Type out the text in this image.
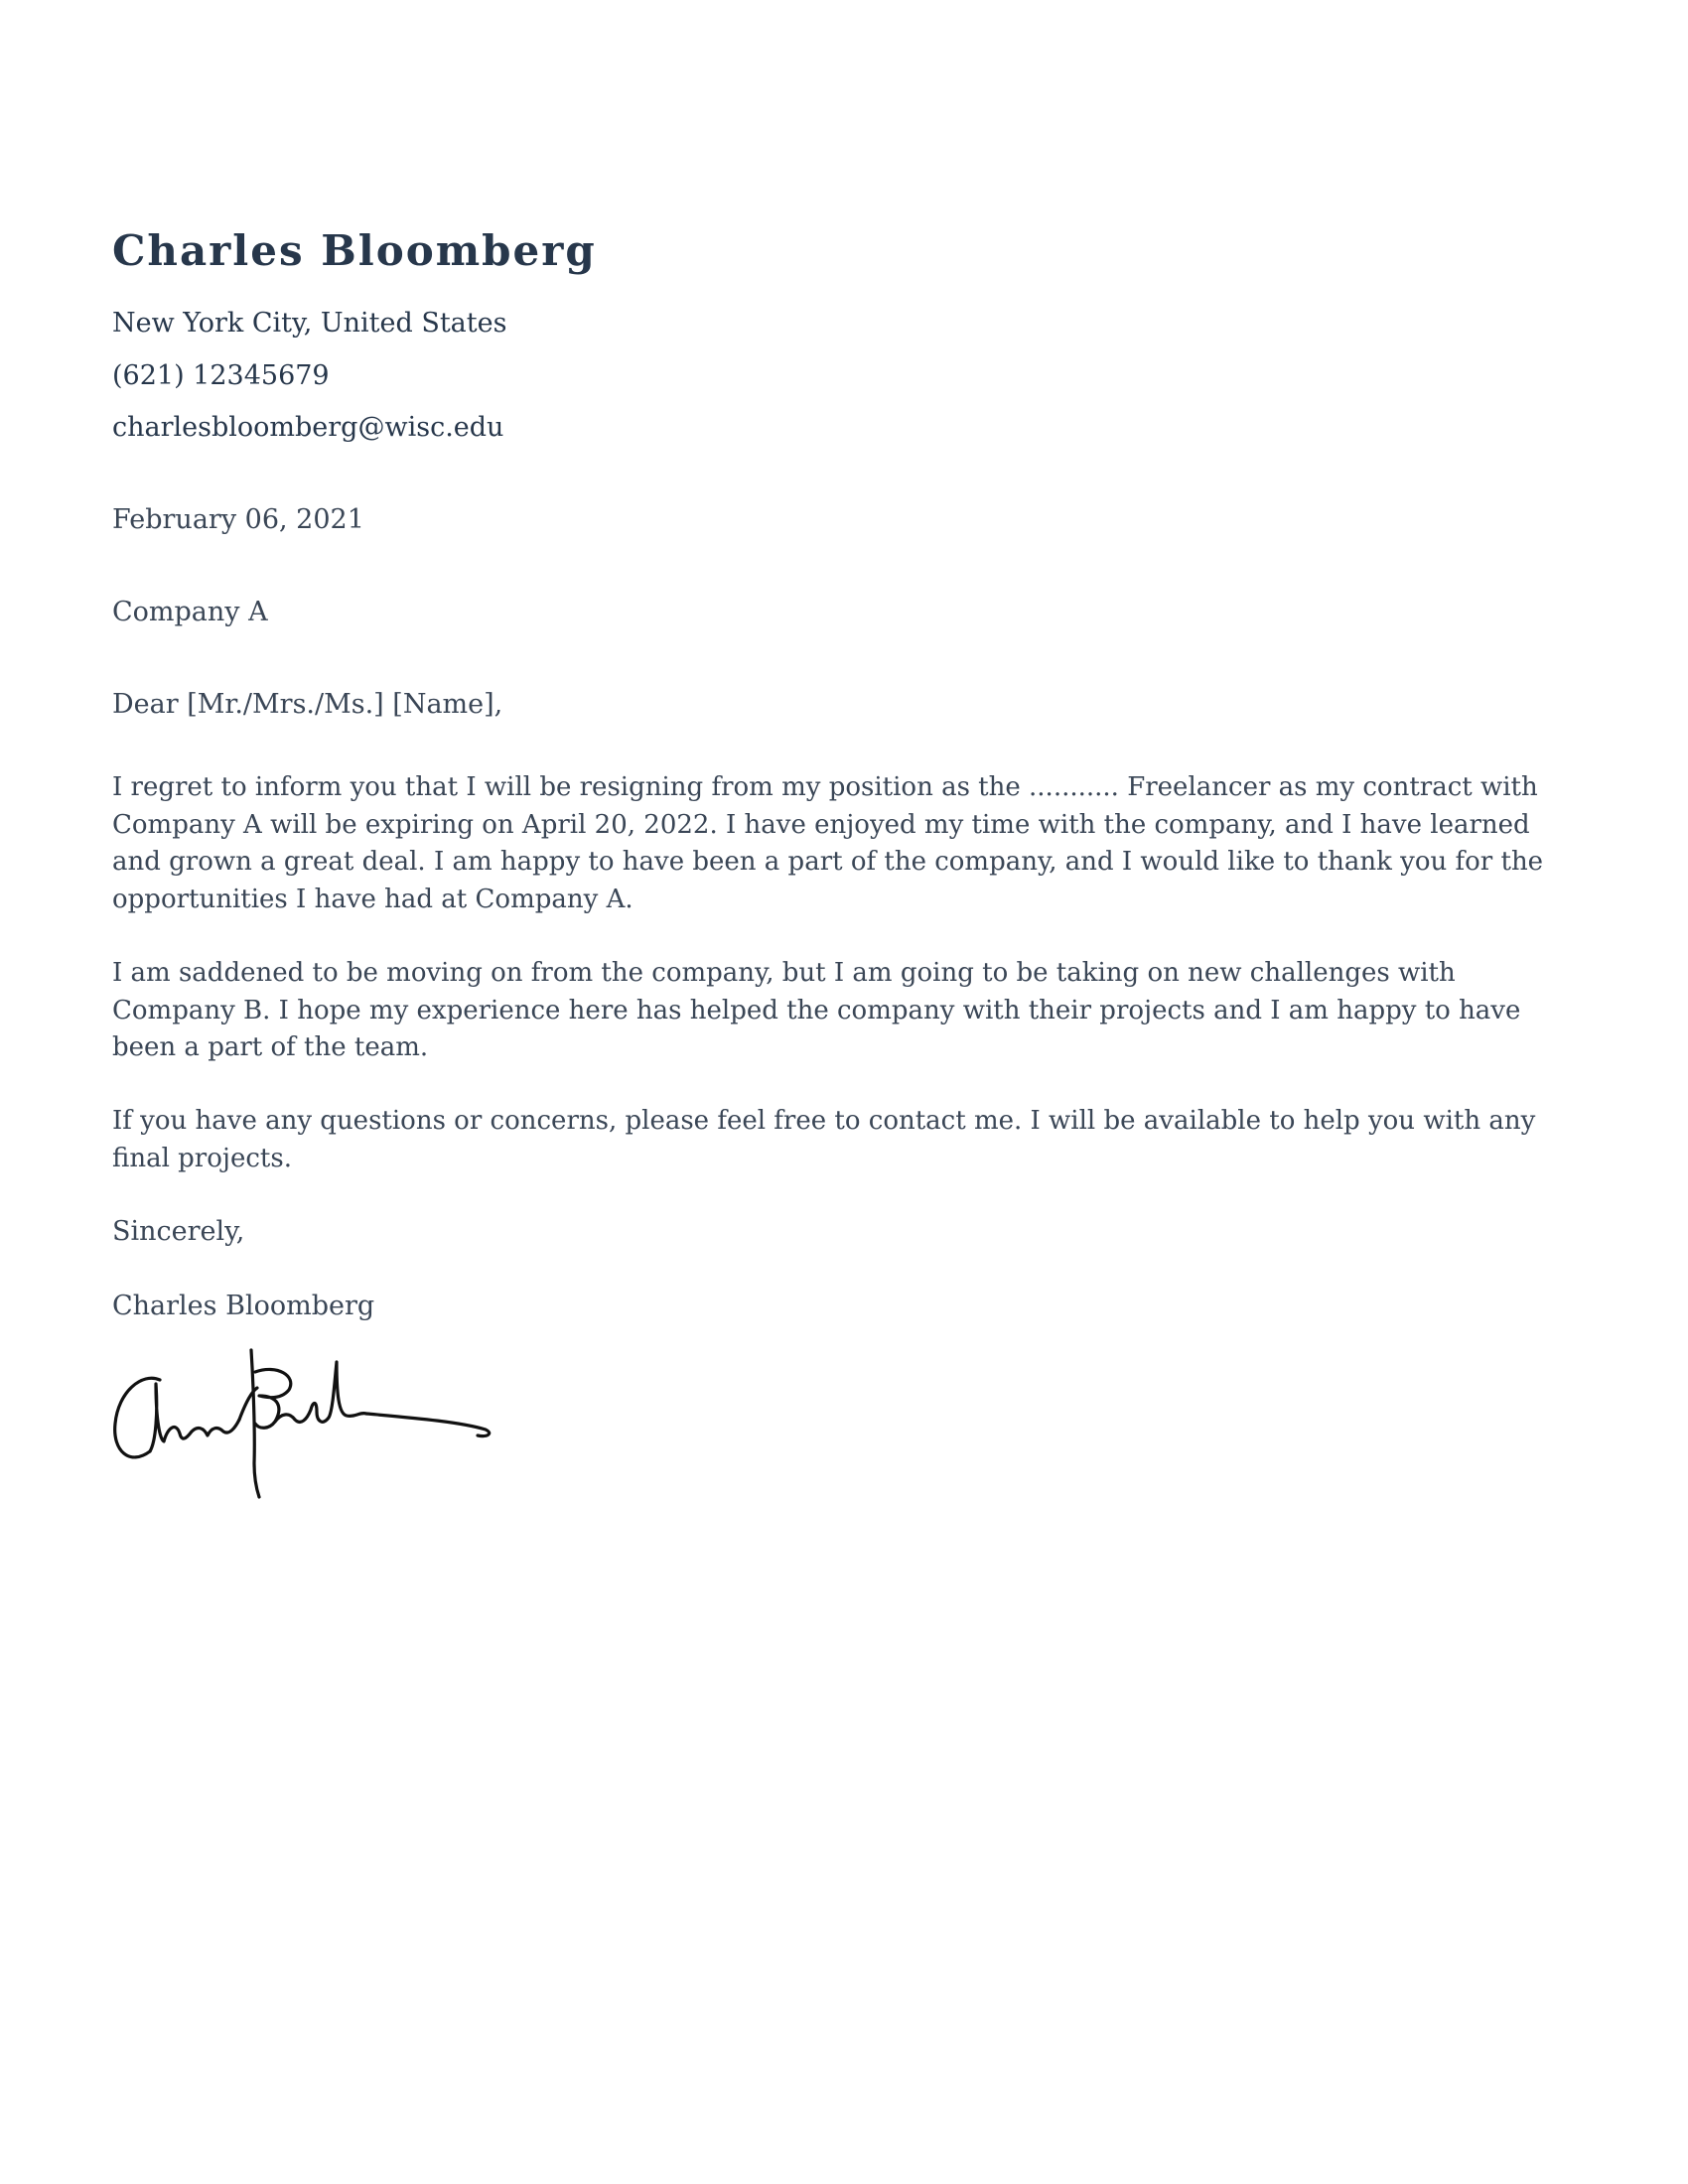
Charles Bloomberg
New York City, United States
(621) 12345679
charlesbloomberg@wisc.edu
February 06, 2021
Company A
Dear [Mr./Mrs./Ms.] [Name],

I regret to inform you that I will be resigning from my position as the ........... Freelancer as my contract with Company A will be expiring on April 20, 2022. I have enjoyed my time with the company, and I have learned and grown a great deal. I am happy to have been a part of the company, and I would like to thank you for the opportunities I have had at Company A.

I am saddened to be moving on from the company, but I am going to be taking on new challenges with Company B. I hope my experience here has helped the company with their projects and I am happy to have been a part of the team.

If you have any questions or concerns, please feel free to contact me. I will be available to help you with any final projects.

Sincerely,
Charles Bloomberg
